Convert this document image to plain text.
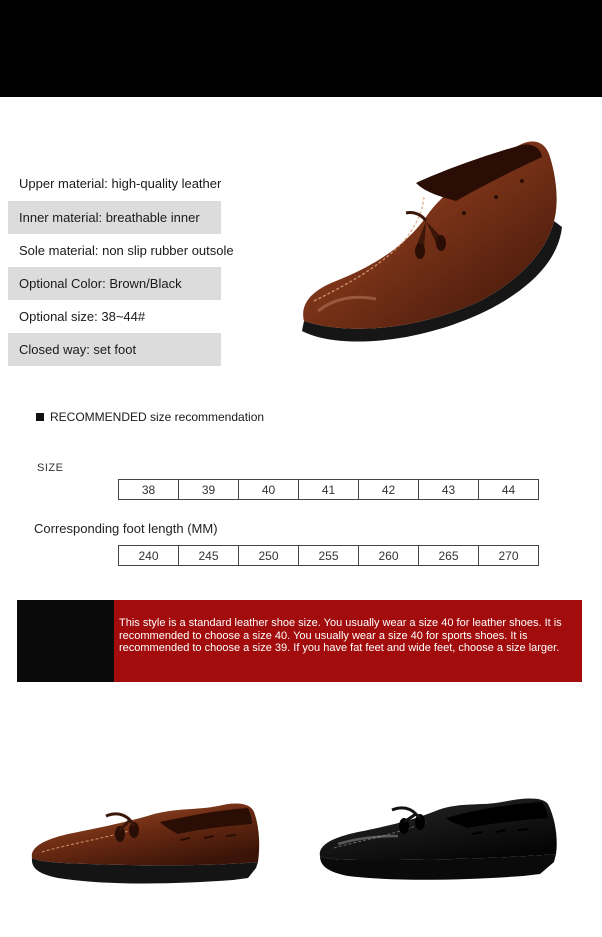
Upper material: high-quality leather
Inner material: breathable inner
Sole material: non slip rubber outsole
Optional Color: Brown/Black
Optional size: 38~44#
Closed way: set foot
RECOMMENDED size recommendation
SIZE
38	39	40	41	42	43	44
Corresponding foot length (MM)
240	245	250	255	260	265	270
This style is a standard leather shoe size. You usually wear a size 40 for leather shoes. It is recommended to choose a size 40. You usually wear a size 40 for sports shoes. It is recommended to choose a size 39. If you have fat feet and wide feet, choose a size larger.
